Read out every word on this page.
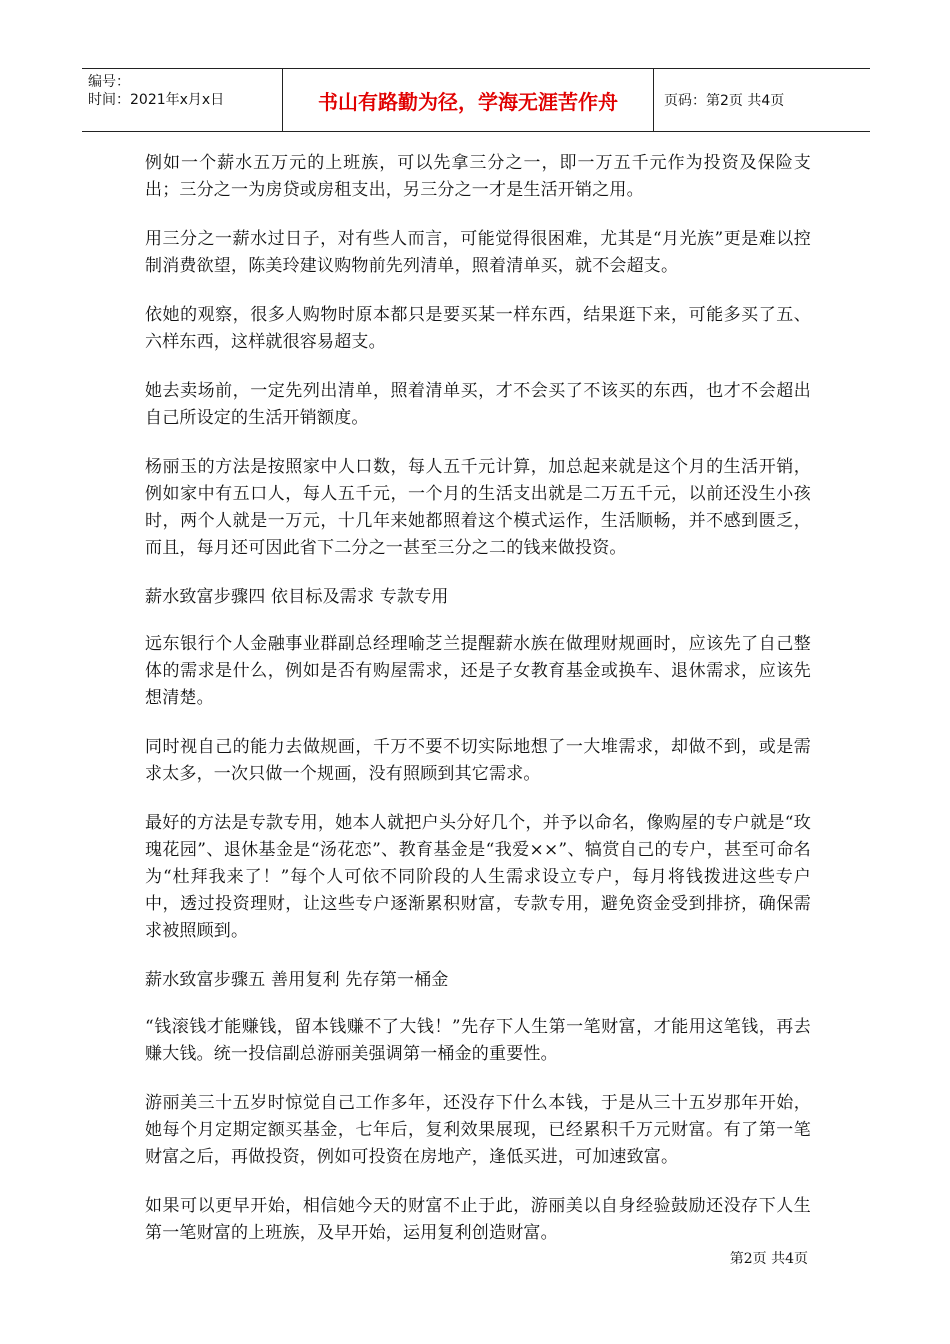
编号：
时间：2021年x月x日	书山有路勤为径，学海无涯苦作舟	页码：第2页 共4页

例如一个薪水五万元的上班族，可以先拿三分之一，即一万五千元作为投资及保险支出；三分之一为房贷或房租支出，另三分之一才是生活开销之用。

用三分之一薪水过日子，对有些人而言，可能觉得很困难，尤其是“月光族”更是难以控制消费欲望，陈美玲建议购物前先列清单，照着清单买，就不会超支。

依她的观察，很多人购物时原本都只是要买某一样东西，结果逛下来，可能多买了五、六样东西，这样就很容易超支。

她去卖场前，一定先列出清单，照着清单买，才不会买了不该买的东西，也才不会超出自己所设定的生活开销额度。

杨丽玉的方法是按照家中人口数，每人五千元计算，加总起来就是这个月的生活开销，例如家中有五口人，每人五千元，一个月的生活支出就是二万五千元，以前还没生小孩时，两个人就是一万元，十几年来她都照着这个模式运作，生活顺畅，并不感到匮乏，而且，每月还可因此省下二分之一甚至三分之二的钱来做投资。

薪水致富步骤四 依目标及需求 专款专用

远东银行个人金融事业群副总经理喻芝兰提醒薪水族在做理财规画时，应该先了自己整体的需求是什么，例如是否有购屋需求，还是子女教育基金或换车、退休需求，应该先想清楚。

同时视自己的能力去做规画，千万不要不切实际地想了一大堆需求，却做不到，或是需求太多，一次只做一个规画，没有照顾到其它需求。

最好的方法是专款专用，她本人就把户头分好几个，并予以命名，像购屋的专户就是“玫瑰花园”、退休基金是“汤花恋”、教育基金是“我爱××”、犒赏自己的专户，甚至可命名为“杜拜我来了！”每个人可依不同阶段的人生需求设立专户，每月将钱拨进这些专户中，透过投资理财，让这些专户逐渐累积财富，专款专用，避免资金受到排挤，确保需求被照顾到。

薪水致富步骤五 善用复利 先存第一桶金

“钱滚钱才能赚钱，留本钱赚不了大钱！”先存下人生第一笔财富，才能用这笔钱，再去赚大钱。统一投信副总游丽美强调第一桶金的重要性。

游丽美三十五岁时惊觉自己工作多年，还没存下什么本钱，于是从三十五岁那年开始，她每个月定期定额买基金，七年后，复利效果展现，已经累积千万元财富。有了第一笔财富之后，再做投资，例如可投资在房地产，逢低买进，可加速致富。

如果可以更早开始，相信她今天的财富不止于此，游丽美以自身经验鼓励还没存下人生第一笔财富的上班族，及早开始，运用复利创造财富。

第2页 共4页
